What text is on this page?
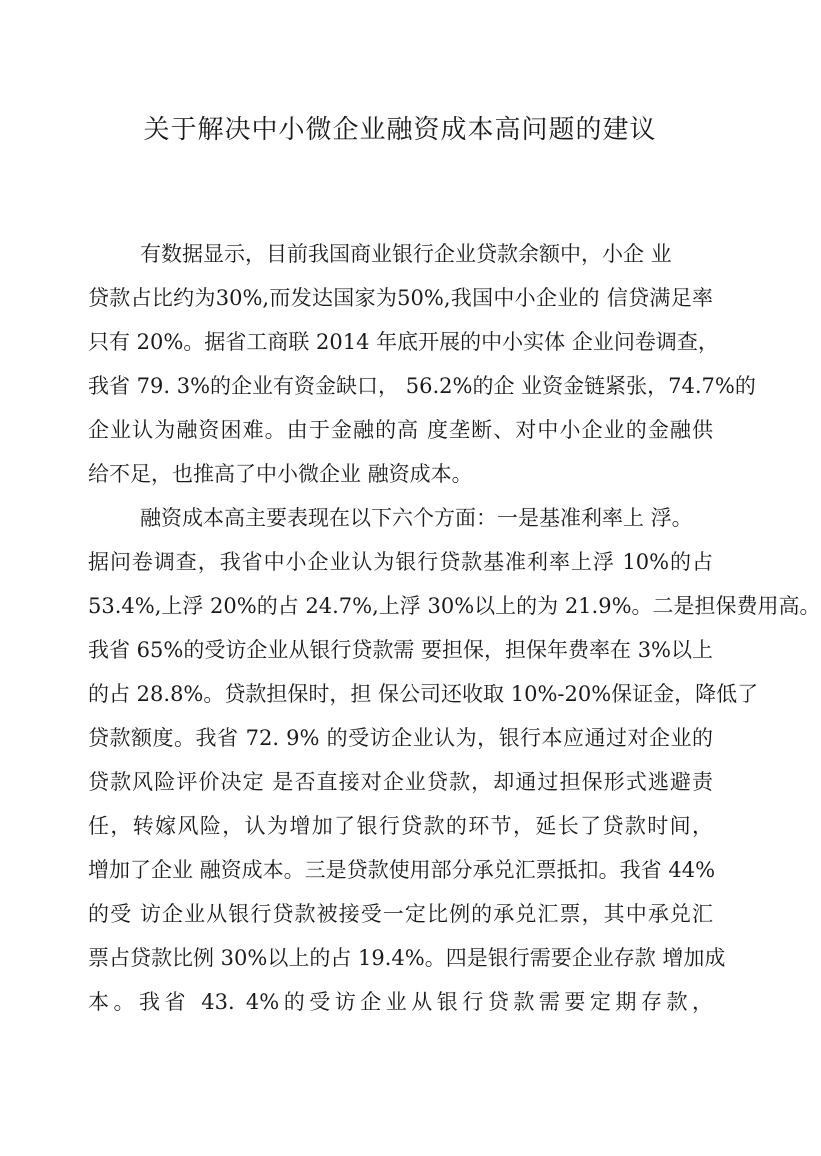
关于解决中小微企业融资成本高问题的建议
有数据显示，目前我国商业银行企业贷款余额中，小企 业
贷款占比约为30%,而发达国家为50%,我国中小企业的 信贷满足率
只有 20%。据省工商联 2014 年底开展的中小实体 企业问卷调查，
我省 79. 3%的企业有资金缺口， 56.2%的企 业资金链紧张，74.7%的
企业认为融资困难。由于金融的高 度垄断、对中小企业的金融供
给不足，也推高了中小微企业 融资成本。
融资成本高主要表现在以下六个方面：一是基准利率上 浮。
据问卷调查，我省中小企业认为银行贷款基准利率上浮 10%的占
53.4%,上浮 20%的占 24.7%,上浮 30%以上的为 21.9%。二是担保费用高。
我省 65%的受访企业从银行贷款需 要担保，担保年费率在 3%以上
的占 28.8%。贷款担保时，担 保公司还收取 10%-20%保证金，降低了
贷款额度。我省 72. 9% 的受访企业认为，银行本应通过对企业的
贷款风险评价决定 是否直接对企业贷款，却通过担保形式逃避责
任，转嫁风险，认为增加了银行贷款的环节，延长了贷款时间，
增加了企业 融资成本。三是贷款使用部分承兑汇票抵扣。我省 44%
的受 访企业从银行贷款被接受一定比例的承兑汇票，其中承兑汇
票占贷款比例 30%以上的占 19.4%。四是银行需要企业存款 增加成
本。我省 43. 4%的受访企业从银行贷款需要定期存款，
